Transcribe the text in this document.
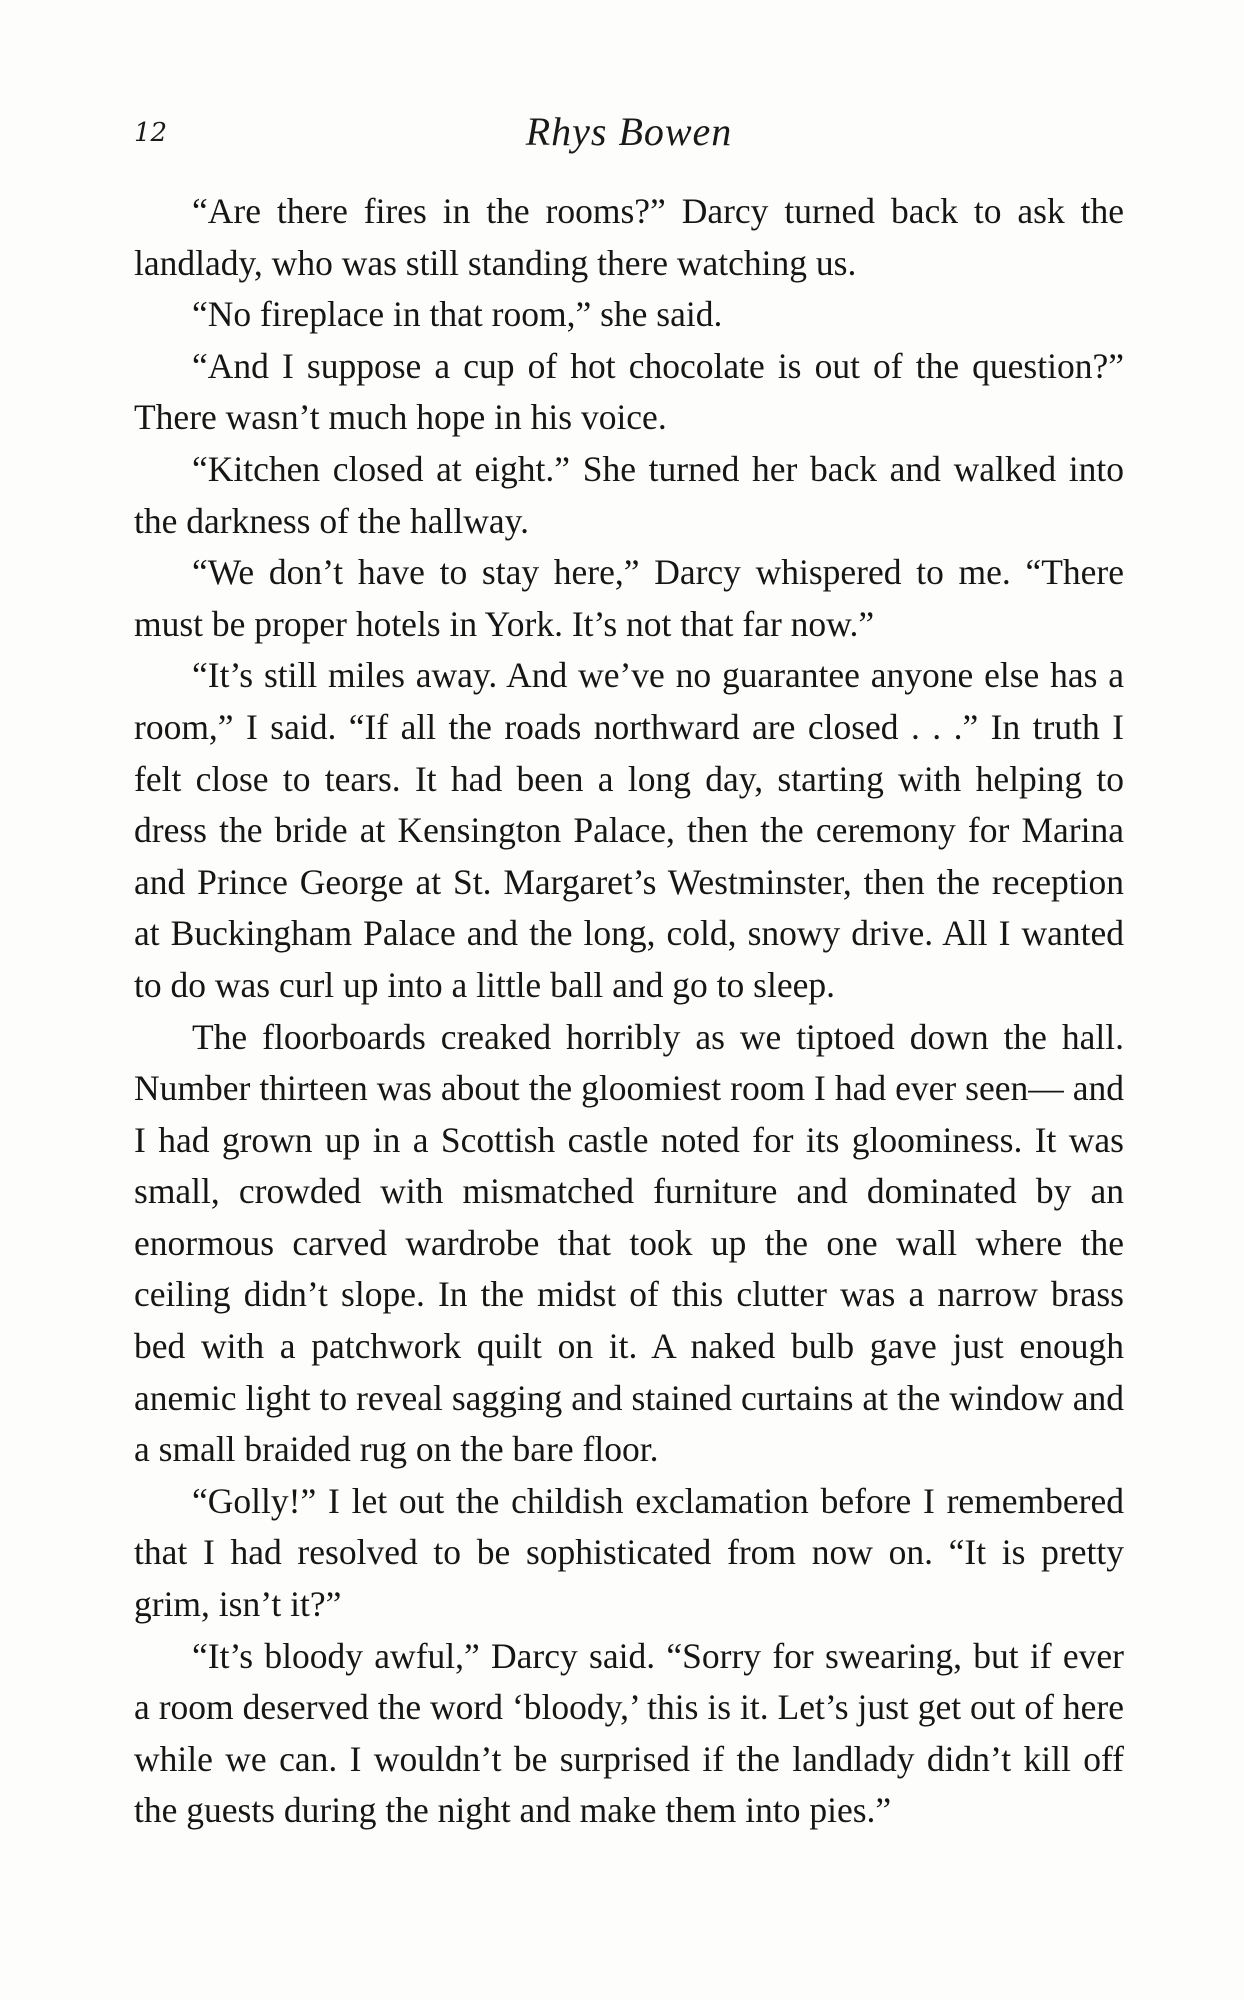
12	Rhys Bowen

“Are there fires in the rooms?” Darcy turned back to ask the landlady, who was still standing there watching us.

“No fireplace in that room,” she said.

“And I suppose a cup of hot chocolate is out of the question?” There wasn’t much hope in his voice.

“Kitchen closed at eight.” She turned her back and walked into the darkness of the hallway.

“We don’t have to stay here,” Darcy whispered to me. “There must be proper hotels in York. It’s not that far now.”

“It’s still miles away. And we’ve no guarantee anyone else has a room,” I said. “If all the roads northward are closed . . .” In truth I felt close to tears. It had been a long day, starting with helping to dress the bride at Kensington Palace, then the ceremony for Marina and Prince George at St. Margaret’s Westminster, then the reception at Buckingham Palace and the long, cold, snowy drive. All I wanted to do was curl up into a little ball and go to sleep.

The floorboards creaked horribly as we tiptoed down the hall. Number thirteen was about the gloomiest room I had ever seen— and I had grown up in a Scottish castle noted for its gloominess. It was small, crowded with mismatched furniture and dominated by an enormous carved wardrobe that took up the one wall where the ceiling didn’t slope. In the midst of this clutter was a narrow brass bed with a patchwork quilt on it. A naked bulb gave just enough anemic light to reveal sagging and stained curtains at the window and a small braided rug on the bare floor.

“Golly!” I let out the childish exclamation before I remembered that I had resolved to be sophisticated from now on. “It is pretty grim, isn’t it?”

“It’s bloody awful,” Darcy said. “Sorry for swearing, but if ever a room deserved the word ‘bloody,’ this is it. Let’s just get out of here while we can. I wouldn’t be surprised if the landlady didn’t kill off the guests during the night and make them into pies.”
